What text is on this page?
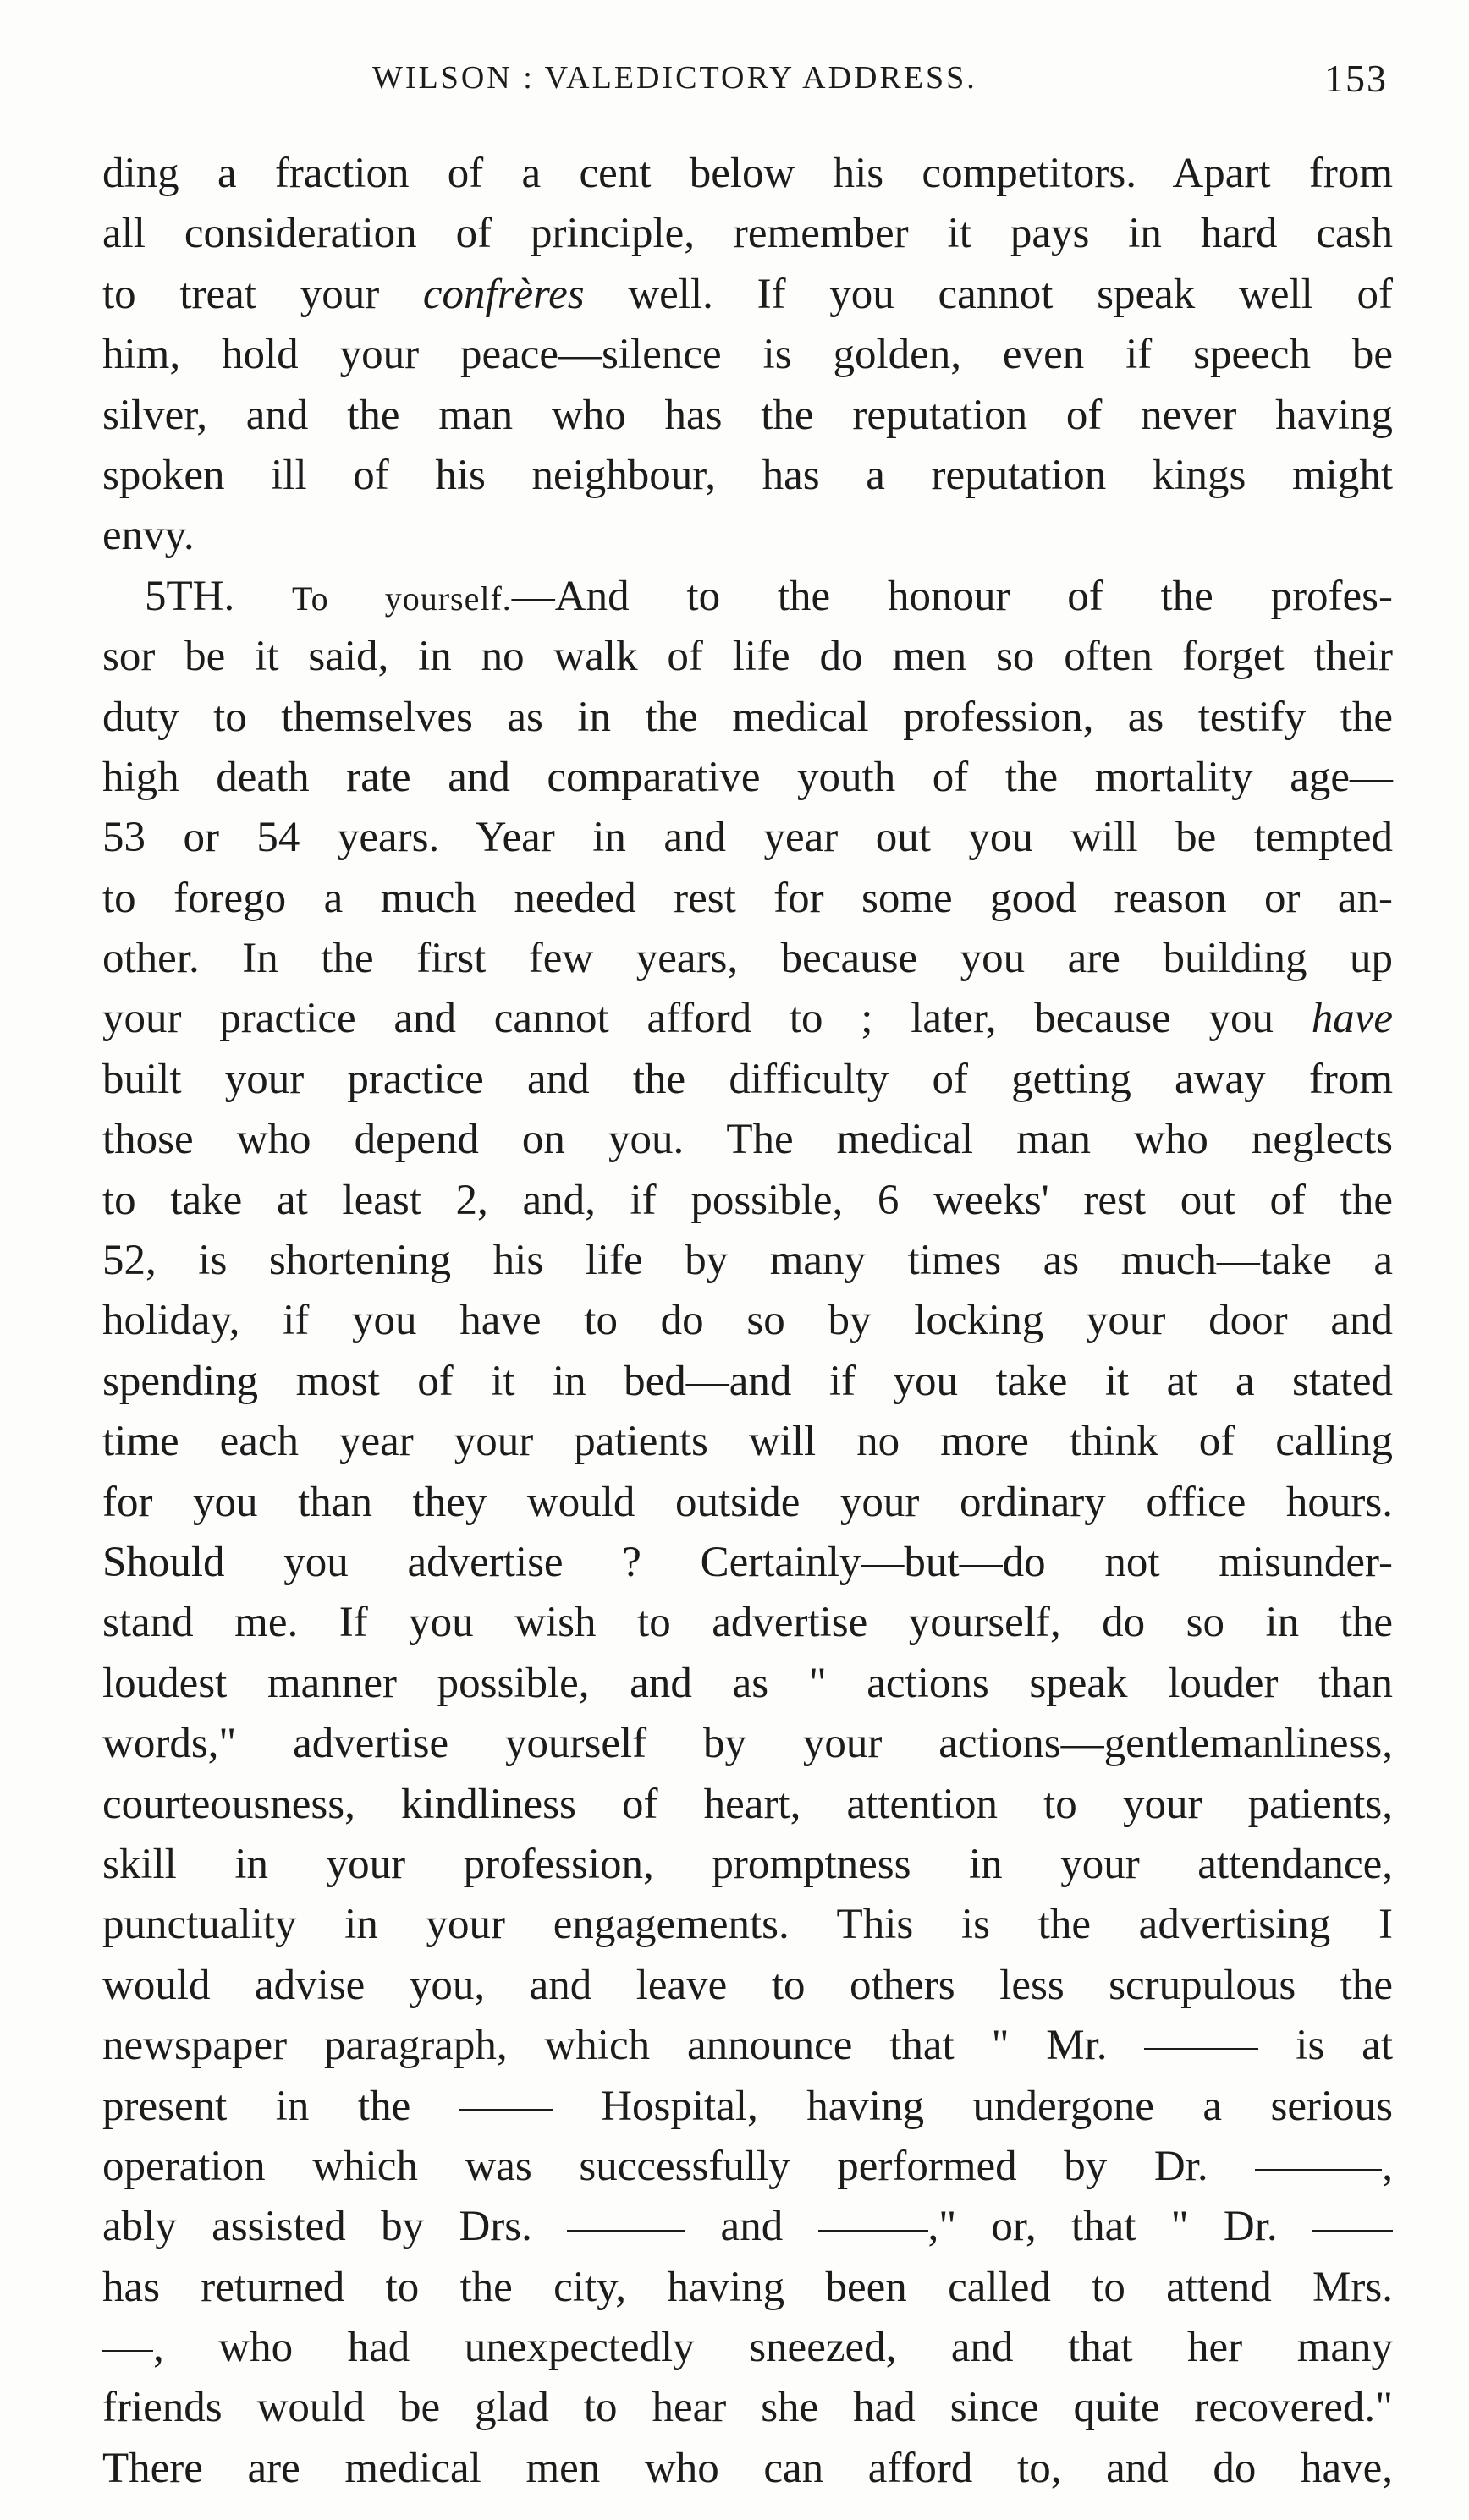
WILSON : VALEDICTORY ADDRESS.	153
ding a fraction of a cent below his competitors. Apart from
all consideration of principle, remember it pays in hard cash
to treat your confrères well. If you cannot speak well of
him, hold your peace—silence is golden, even if speech be
silver, and the man who has the reputation of never having
spoken ill of his neighbour, has a reputation kings might
envy.
5TH. To yourself.—And to the honour of the profes-
sor be it said, in no walk of life do men so often forget their
duty to themselves as in the medical profession, as testify the
high death rate and comparative youth of the mortality age—
53 or 54 years. Year in and year out you will be tempted
to forego a much needed rest for some good reason or an-
other. In the first few years, because you are building up
your practice and cannot afford to ; later, because you have
built your practice and the difficulty of getting away from
those who depend on you. The medical man who neglects
to take at least 2, and, if possible, 6 weeks' rest out of the
52, is shortening his life by many times as much—take a
holiday, if you have to do so by locking your door and
spending most of it in bed—and if you take it at a stated
time each year your patients will no more think of calling
for you than they would outside your ordinary office hours.
Should you advertise ? Certainly—but—do not misunder-
stand me. If you wish to advertise yourself, do so in the
loudest manner possible, and as " actions speak louder than
words," advertise yourself by your actions—gentlemanliness,
courteousness, kindliness of heart, attention to your patients,
skill in your profession, promptness in your attendance,
punctuality in your engagements. This is the advertising I
would advise you, and leave to others less scrupulous the
newspaper paragraph, which announce that " Mr.	is at
present in the  Hospital, having undergone a serious
operation which was successfully performed by Dr.	,
ably assisted by Drs.	and	," or, that " Dr.
has returned to the city, having been called to attend Mrs.
, who had unexpectedly sneezed, and that her many
friends would be glad to hear she had since quite recovered."
There are medical men who can afford to, and do have,
